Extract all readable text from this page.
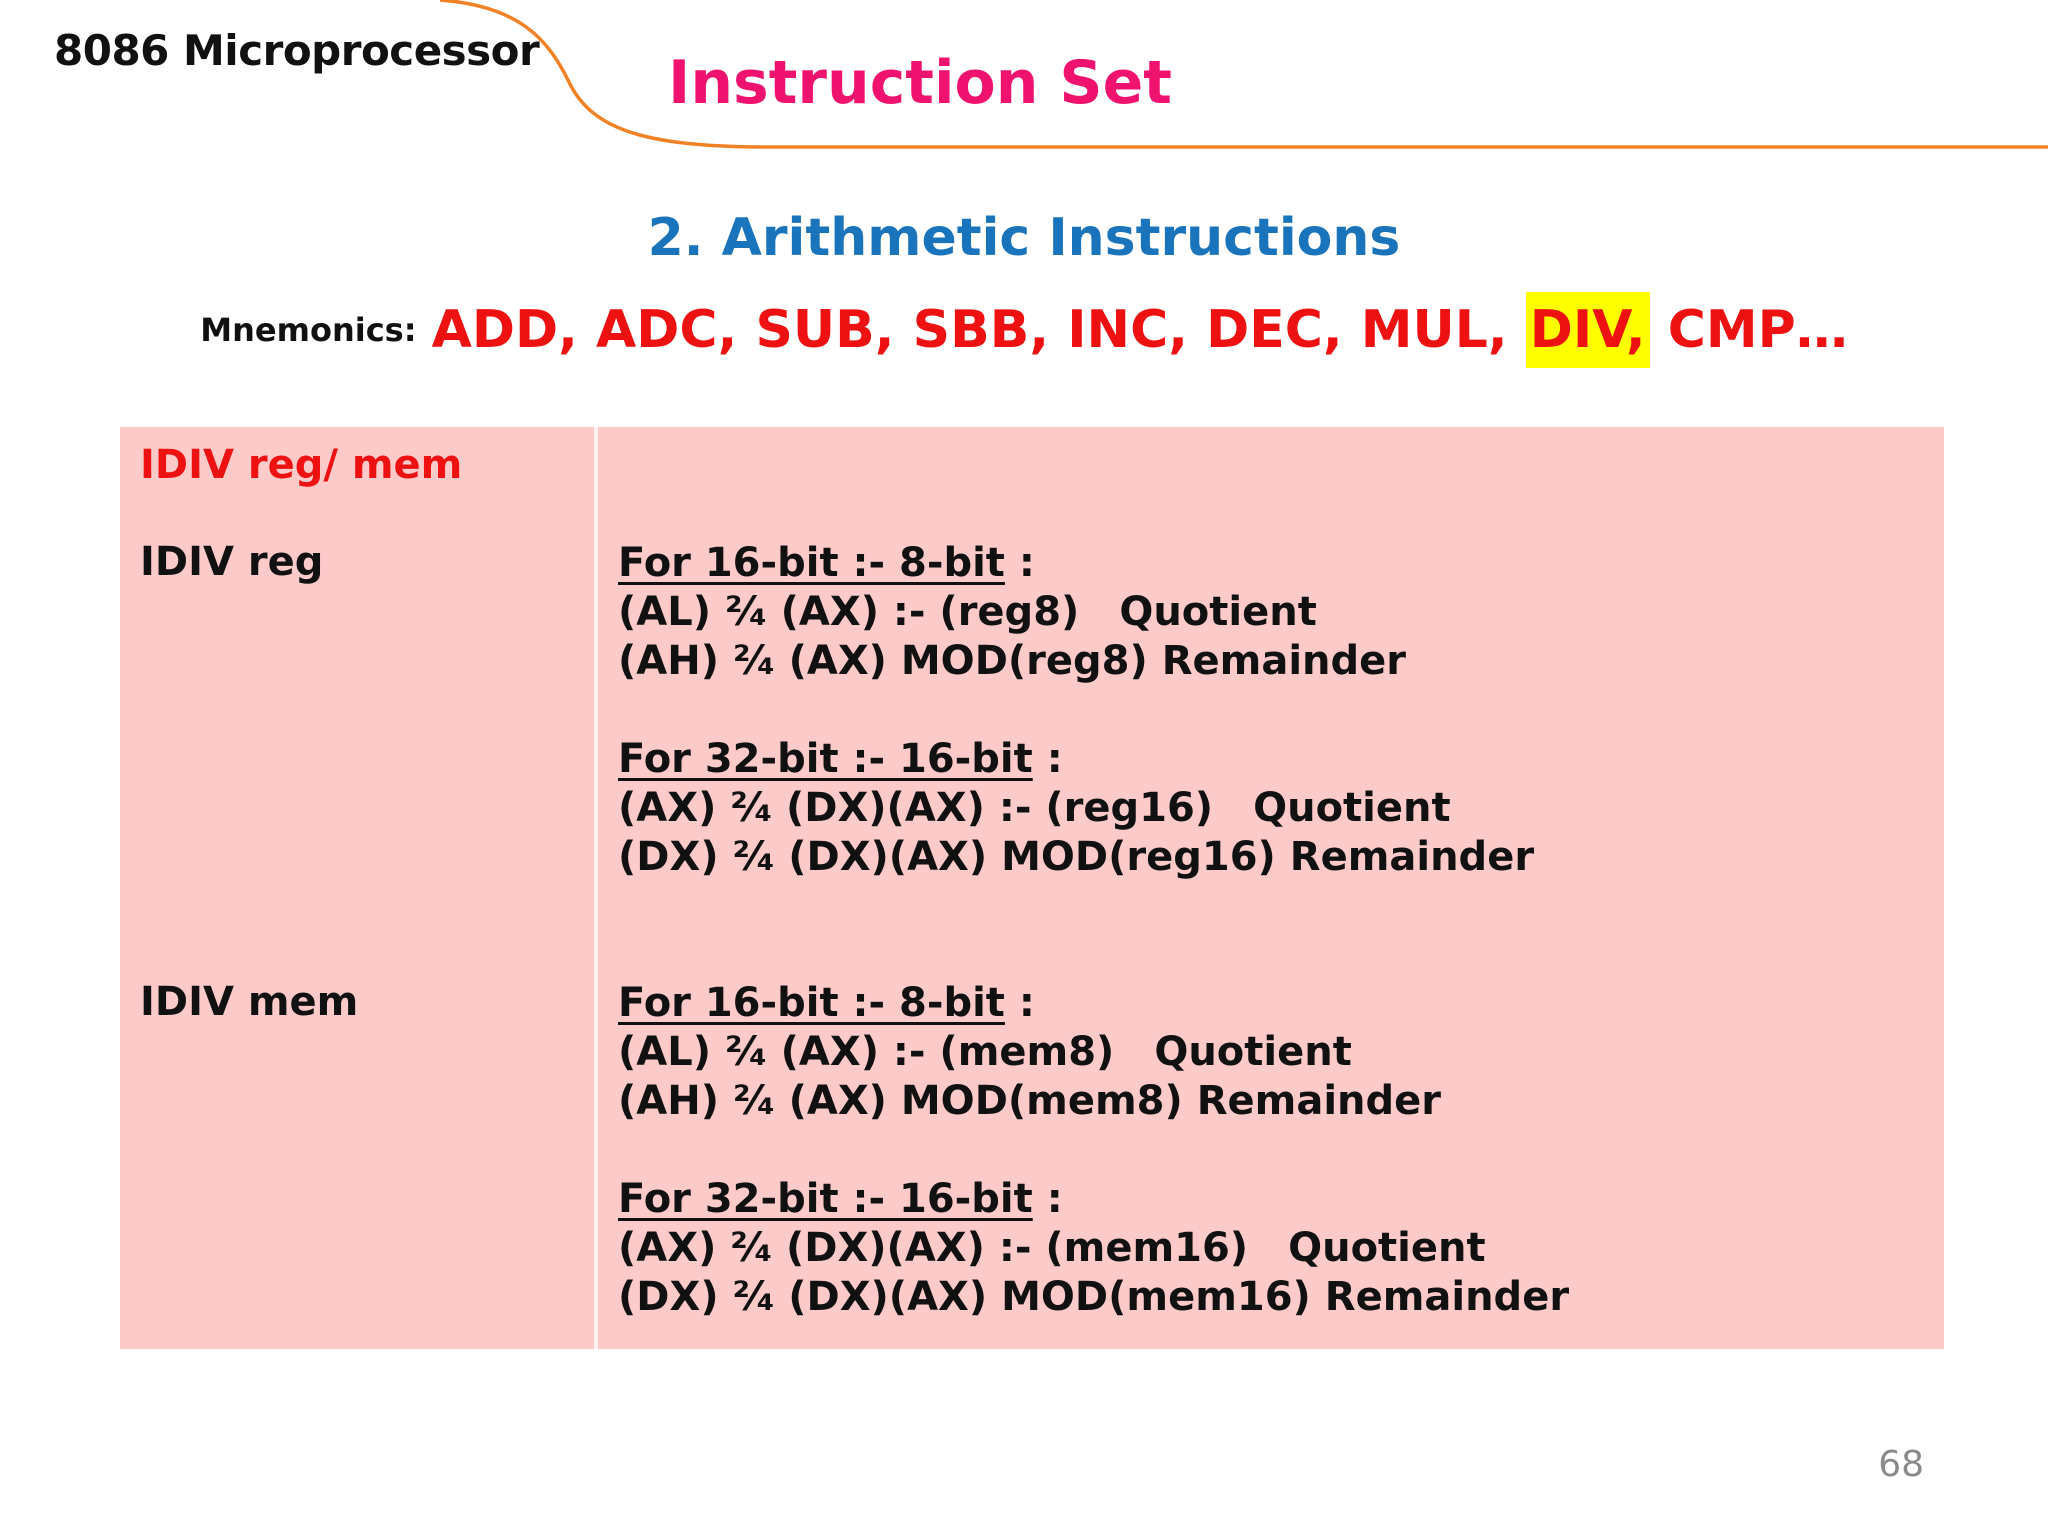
8086 Microprocessor Instruction Set
2. Arithmetic Instructions
Mnemonics: ADD, ADC, SUB, SBB, INC, DEC, MUL, DIV, CMP…
IDIV reg/ mem
IDIV reg
IDIV mem
For 16-bit :- 8-bit :
(AL) ²⁄₄ (AX) :- (reg8) Quotient
(AH) ²⁄₄ (AX) MOD(reg8) Remainder
For 32-bit :- 16-bit :
(AX) ²⁄₄ (DX)(AX) :- (reg16) Quotient
(DX) ²⁄₄ (DX)(AX) MOD(reg16) Remainder
For 16-bit :- 8-bit :
(AL) ²⁄₄ (AX) :- (mem8) Quotient
(AH) ²⁄₄ (AX) MOD(mem8) Remainder
For 32-bit :- 16-bit :
(AX) ²⁄₄ (DX)(AX) :- (mem16) Quotient
(DX) ²⁄₄ (DX)(AX) MOD(mem16) Remainder
68
